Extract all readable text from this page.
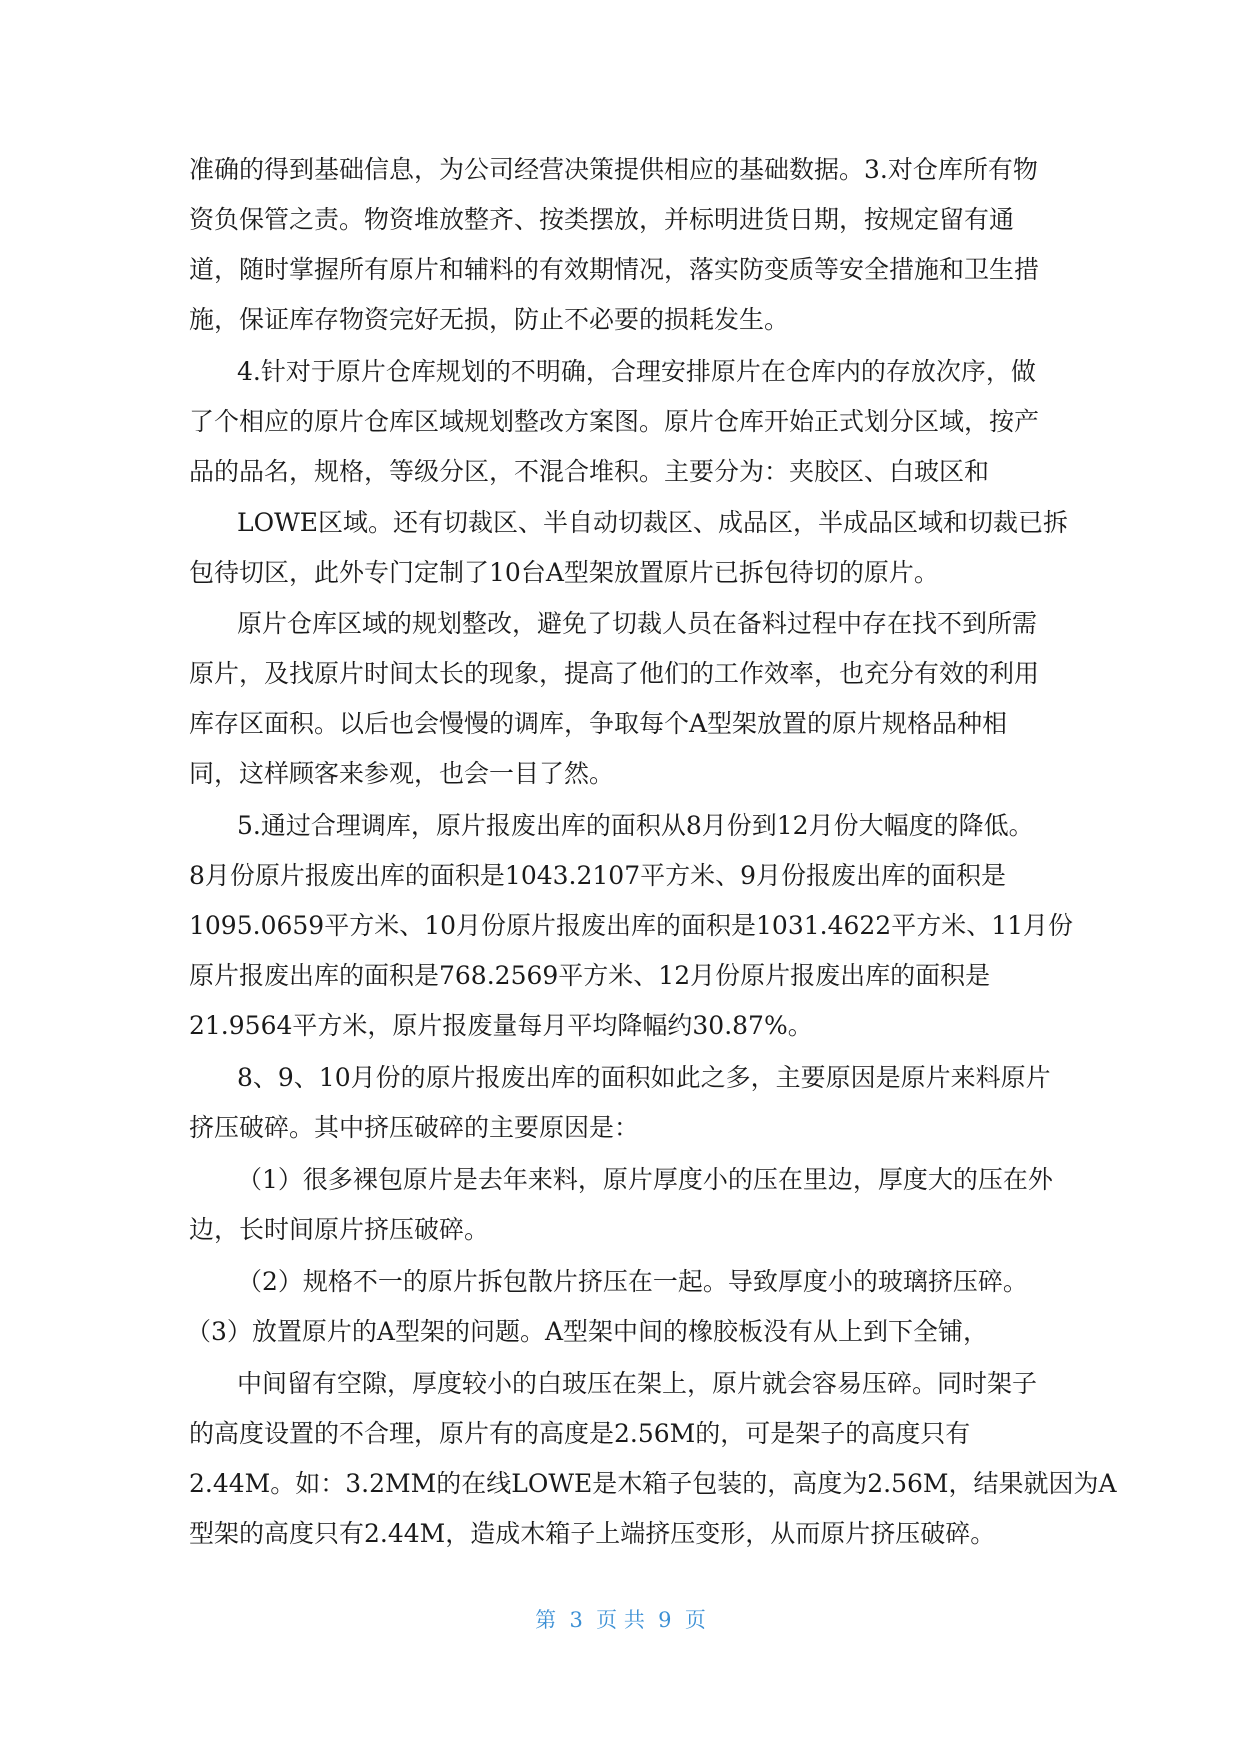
准确的得到基础信息，为公司经营决策提供相应的基础数据。3.对仓库所有物

资负保管之责。物资堆放整齐、按类摆放，并标明进货日期，按规定留有通

道，随时掌握所有原片和辅料的有效期情况，落实防变质等安全措施和卫生措

施，保证库存物资完好无损，防止不必要的损耗发生。

4.针对于原片仓库规划的不明确，合理安排原片在仓库内的存放次序，做

了个相应的原片仓库区域规划整改方案图。原片仓库开始正式划分区域，按产

品的品名，规格，等级分区，不混合堆积。主要分为：夹胶区、白玻区和

LOWE区域。还有切裁区、半自动切裁区、成品区，半成品区域和切裁已拆

包待切区，此外专门定制了10台A型架放置原片已拆包待切的原片。

原片仓库区域的规划整改，避免了切裁人员在备料过程中存在找不到所需

原片，及找原片时间太长的现象，提高了他们的工作效率，也充分有效的利用

库存区面积。以后也会慢慢的调库，争取每个A型架放置的原片规格品种相

同，这样顾客来参观，也会一目了然。

5.通过合理调库，原片报废出库的面积从8月份到12月份大幅度的降低。

8月份原片报废出库的面积是1043.2107平方米、9月份报废出库的面积是

1095.0659平方米、10月份原片报废出库的面积是1031.4622平方米、11月份

原片报废出库的面积是768.2569平方米、12月份原片报废出库的面积是

21.9564平方米，原片报废量每月平均降幅约30.87%。

8、9、10月份的原片报废出库的面积如此之多，主要原因是原片来料原片

挤压破碎。其中挤压破碎的主要原因是：

（1）很多裸包原片是去年来料，原片厚度小的压在里边，厚度大的压在外

边，长时间原片挤压破碎。

（2）规格不一的原片拆包散片挤压在一起。导致厚度小的玻璃挤压碎。

（3）放置原片的A型架的问题。A型架中间的橡胶板没有从上到下全铺，

中间留有空隙，厚度较小的白玻压在架上，原片就会容易压碎。同时架子

的高度设置的不合理，原片有的高度是2.56M的，可是架子的高度只有

2.44M。如：3.2MM的在线LOWE是木箱子包装的，高度为2.56M，结果就因为A

型架的高度只有2.44M，造成木箱子上端挤压变形，从而原片挤压破碎。

第  3  页 共  9  页
